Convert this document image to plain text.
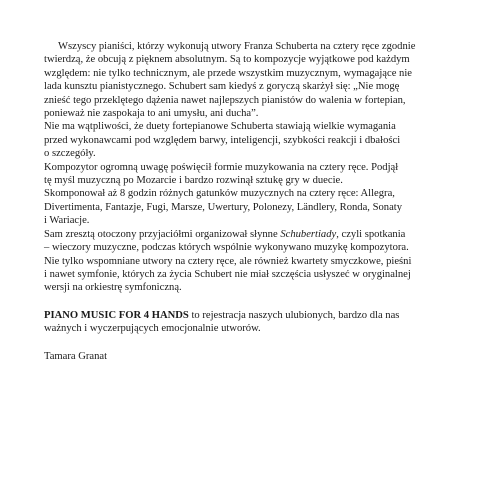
Wszyscy pianiści, którzy wykonują utwory Franza Schuberta na cztery ręce zgodnie
twierdzą, że obcują z pięknem absolutnym. Są to kompozycje wyjątkowe pod każdym
względem: nie tylko technicznym, ale przede wszystkim muzycznym, wymagające nie
lada kunsztu pianistycznego. Schubert sam kiedyś z goryczą skarżył się: „Nie mogę
znieść tego przeklętego dążenia nawet najlepszych pianistów do walenia w fortepian,
ponieważ nie zaspokaja to ani umysłu, ani ducha”.
Nie ma wątpliwości, że duety fortepianowe Schuberta stawiają wielkie wymagania
przed wykonawcami pod względem barwy, inteligencji, szybkości reakcji i dbałości
o szczegóły.
Kompozytor ogromną uwagę poświęcił formie muzykowania na cztery ręce. Podjął
tę myśl muzyczną po Mozarcie i bardzo rozwinął sztukę gry w duecie.
Skomponował aż 8 godzin różnych gatunków muzycznych na cztery ręce: Allegra,
Divertimenta, Fantazje, Fugi, Marsze, Uwertury, Polonezy, Ländlery, Ronda, Sonaty
i Wariacje.
Sam zresztą otoczony przyjaciółmi organizował słynne Schubertiady, czyli spotkania
– wieczory muzyczne, podczas których wspólnie wykonywano muzykę kompozytora.
Nie tylko wspomniane utwory na cztery ręce, ale również kwartety smyczkowe, pieśni
i nawet symfonie, których za życia Schubert nie miał szczęścia usłyszeć w oryginalnej
wersji na orkiestrę symfoniczną.
PIANO MUSIC FOR 4 HANDS to rejestracja naszych ulubionych, bardzo dla nas
ważnych i wyczerpujących emocjonalnie utworów.
Tamara Granat
